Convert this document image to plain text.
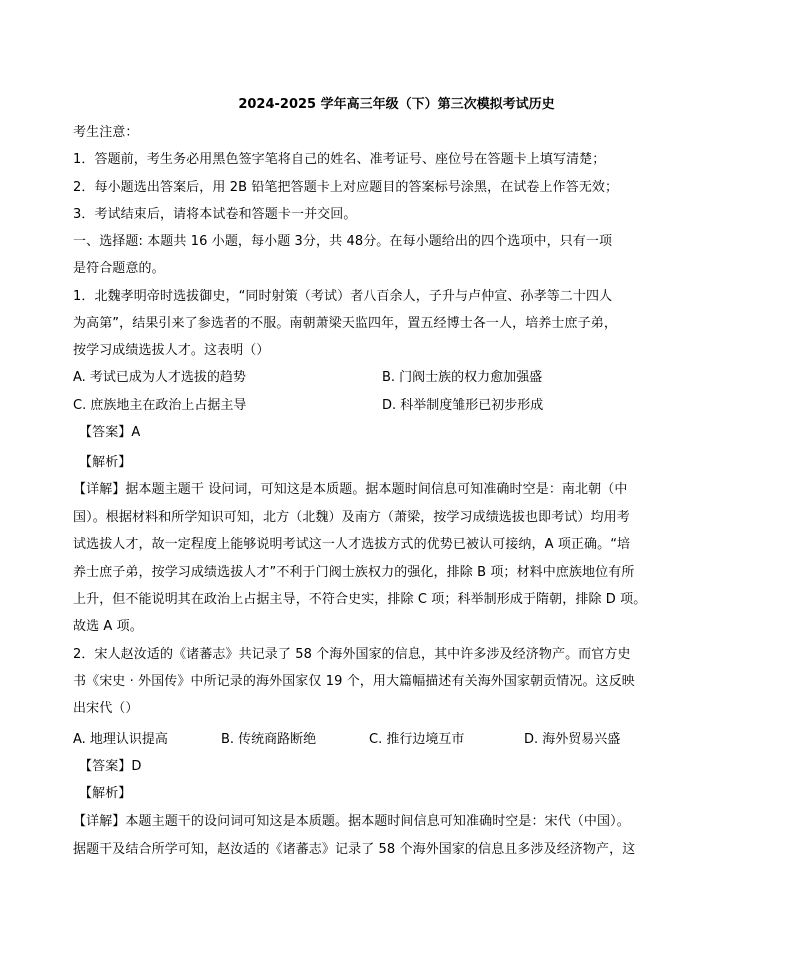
2024-2025 学年高三年级（下）第三次模拟考试历史
考生注意：
1．答题前，考生务必用黑色签字笔将自己的姓名、准考证号、座位号在答题卡上填写清楚；
2．每小题选出答案后，用 2B 铅笔把答题卡上对应题目的答案标号涂黑，在试卷上作答无效；
3．考试结束后，请将本试卷和答题卡一并交回。
一、选择题: 本题共 16 小题，每小题 3分，共 48分。在每小题给出的四个选项中，只有一项
是符合题意的。
1．北魏孝明帝时选拔御史，“同时射策（考试）者八百余人，子升与卢仲宣、孙孝等二十四人
为高第”，结果引来了参选者的不服。南朝萧梁天监四年，置五经博士各一人，培养士庶子弟，
按学习成绩选拔人才。这表明（）
A. 考试已成为人才选拔的趋势	B. 门阀士族的权力愈加强盛
C. 庶族地主在政治上占据主导	D. 科举制度雏形已初步形成
【答案】A
【解析】
【详解】据本题主题干 设问词，可知这是本质题。据本题时间信息可知准确时空是：南北朝（中
国）。根据材料和所学知识可知，北方（北魏）及南方（萧梁，按学习成绩选拔也即考试）均用考
试选拔人才，故一定程度上能够说明考试这一人才选拔方式的优势已被认可接纳，A 项正确。“培
养士庶子弟，按学习成绩选拔人才”不利于门阀士族权力的强化，排除 B 项；材料中庶族地位有所
上升，但不能说明其在政治上占据主导，不符合史实，排除 C 项；科举制形成于隋朝，排除 D 项。
故选 A 项。
2．宋人赵汝适的《诸蕃志》共记录了 58 个海外国家的信息，其中许多涉及经济物产。而官方史
书《宋史 · 外国传》中所记录的海外国家仅 19 个，用大篇幅描述有关海外国家朝贡情况。这反映
出宋代（）
A. 地理认识提高	B. 传统商路断绝	C. 推行边境互市	D. 海外贸易兴盛
【答案】D
【解析】
【详解】本题主题干的设问词可知这是本质题。据本题时间信息可知准确时空是：宋代（中国）。
据题干及结合所学可知，赵汝适的《诸蕃志》记录了 58 个海外国家的信息且多涉及经济物产，这
